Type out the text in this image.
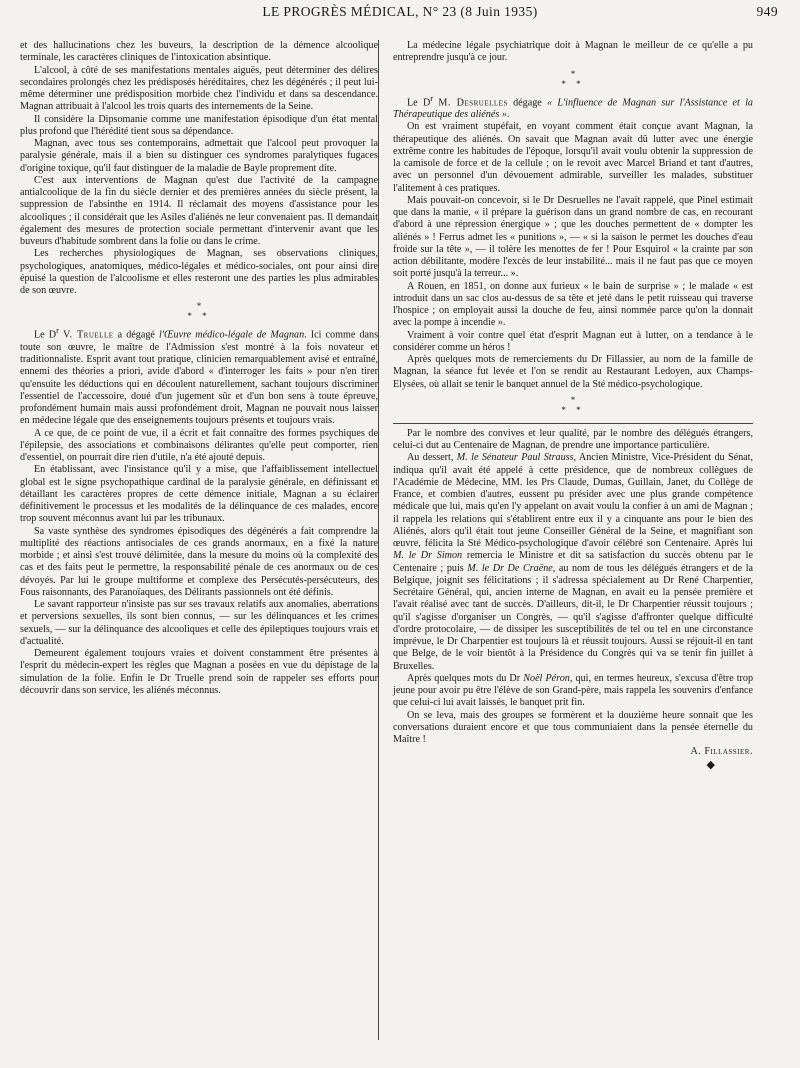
LE PROGRÈS MÉDICAL, N° 23 (8 Juin 1935)	949

et des hallucinations chez les buveurs, la description de la démence alcoolique terminale, les caractères cliniques de l'intoxication absintique.

L'alcool, à côté de ses manifestations mentales aiguës, peut déterminer des délires secondaires prolongés chez les prédisposés héréditaires, chez les dégénérés ; il peut lui-même déterminer une prédisposition morbide chez l'individu et dans sa descendance. Magnan attribuait à l'alcool les trois quarts des internements de la Seine.

Il considère la Dipsomanie comme une manifestation épisodique d'un état mental plus profond que l'hérédité tient sous sa dépendance.

Magnan, avec tous ses contemporains, admettait que l'alcool peut provoquer la paralysie générale, mais il a bien su distinguer ces syndromes paralytiques fugaces d'origine toxique, qu'il faut distinguer de la maladie de Bayle proprement dite.

C'est aux interventions de Magnan qu'est due l'activité de la campagne antialcoolique de la fin du siècle dernier et des premières années du siècle présent, la suppression de l'absinthe en 1914. Il réclamait des moyens d'assistance pour les alcooliques ; il considérait que les Asiles d'aliénés ne leur convenaient pas. Il demandait également des mesures de protection sociale permettant d'intervenir avant que les buveurs d'habitude sombrent dans la folie ou dans le crime.

Les recherches physiologiques de Magnan, ses observations cliniques, psychologiques, anatomiques, médico-légales et médico-sociales, ont pour ainsi dire épuisé la question de l'alcoolisme et elles resteront une des parties les plus admirables de son œuvre.

*
* *

Le $D^r$ V. Truelle a dégagé l'Œuvre médico-légale de Magnan. Ici comme dans toute son œuvre, le maître de l'Admission s'est montré à la fois novateur et traditionnaliste. Esprit avant tout pratique, clinicien remarquablement avisé et entraîné, ennemi des théories a priori, avide d'abord « d'interroger les faits » pour n'en tirer qu'ensuite les déductions qui en découlent naturellement, sachant toujours discriminer l'essentiel de l'accessoire, doué d'un jugement sûr et d'un bon sens à toute épreuve, profondément humain mais aussi profondément droit, Magnan ne pouvait nous laisser en médecine légale que des enseignements toujours présents et toujours vrais.

A ce que, de ce point de vue, il a écrit et fait connaître des formes psychiques de l'épilepsie, des associations et combinaisons délirantes qu'elle peut comporter, rien d'essentiel, on pourrait dire rien d'utile, n'a été ajouté depuis.

En établissant, avec l'insistance qu'il y a mise, que l'affaiblissement intellectuel global est le signe psychopathique cardinal de la paralysie générale, en définissant et détaillant les caractères propres de cette démence initiale, Magnan a su éclairer définitivement le processus et les modalités de la délinquance de ces malades, encore trop souvent méconnus avant lui par les tribunaux.

Sa vaste synthèse des syndromes épisodiques des dégénérés a fait comprendre la multiplité des réactions antisociales de ces grands anormaux, en a fixé la nature morbide ; et ainsi s'est trouvé délimitée, dans la mesure du moins où la complexité des cas et des faits peut le permettre, la responsabilité pénale de ces anormaux ou de ces dévoyés. Par lui le groupe multiforme et complexe des Persécutés-persécuteurs, des Fous raisonnants, des Paranoïaques, des Délirants passionnels ont été définis.

Le savant rapporteur n'insiste pas sur ses travaux relatifs aux anomalies, aberrations et perversions sexuelles, ils sont bien connus, — sur les délinquances et les crimes sexuels, — sur la délinquance des alcooliques et celle des épileptiques toujours vrais et d'actualité.

Demeurent également toujours vraies et doivent constamment être présentes à l'esprit du médecin-expert les règles que Magnan a posées en vue du dépistage de la simulation de la folie. Enfin le Dr Truelle prend soin de rappeler ses efforts pour découvrir dans son service, les aliénés méconnus.

La médecine légale psychiatrique doit à Magnan le meilleur de ce qu'elle a pu entreprendre jusqu'à ce jour.

*
* *

Le $D^r$ M. Desruelles dégage « L'influence de Magnan sur l'Assistance et la Thérapeutique des aliénés ».

On est vraiment stupéfait, en voyant comment était conçue avant Magnan, la thérapeutique des aliénés. On savait que Magnan avait dû lutter avec une énergie extrême contre les habitudes de l'époque, lorsqu'il avait voulu obtenir la suppression de la camisole de force et de la cellule ; on le revoit avec Marcel Briand et tant d'autres, avec un personnel d'un dévouement admirable, surveiller les malades, substituer l'alitement à ces pratiques.

Mais pouvait-on concevoir, si le Dr Desruelles ne l'avait rappelé, que Pinel estimait que dans la manie, « il prépare la guérison dans un grand nombre de cas, en recourant d'abord à une répression énergique » ; que les douches permettent de « dompter les aliénés » ! Ferrus admet les « punitions », — « si la saison le permet les douches d'eau froide sur la tête », — il tolère les menottes de fer ! Pour Esquirol « la crainte par son action débilitante, modère l'excès de leur instabilité... mais il ne faut pas que ce moyen soit porté jusqu'à la terreur... ».

A Rouen, en 1851, on donne aux furieux « le bain de surprise » ; le malade « est introduit dans un sac clos au-dessus de sa tête et jeté dans le petit ruisseau qui traverse l'hospice ; on employait aussi la douche de feu, ainsi nommée parce qu'on la donnait avec la pompe à incendie ».

Vraiment à voir contre quel état d'esprit Magnan eut à lutter, on a tendance à le considérer comme un héros !

Après quelques mots de remerciements du Dr Fillassier, au nom de la famille de Magnan, la séance fut levée et l'on se rendit au Restaurant Ledoyen, aux Champs-Elysées, où allait se tenir le banquet annuel de la Sté médico-psychologique.

*
* *

Par le nombre des convives et leur qualité, par le nombre des délégués étrangers, celui-ci dut au Centenaire de Magnan, de prendre une importance particulière.

Au dessert, M. le Sénateur Paul Strauss, Ancien Ministre, Vice-Président du Sénat, indiqua qu'il avait été appelé à cette présidence, que de nombreux collègues de l'Académie de Médecine, MM. les Prs Claude, Dumas, Guillain, Janet, du Collège de France, et combien d'autres, eussent pu présider avec une plus grande compétence médicale que lui, mais qu'en l'y appelant on avait voulu la confier à un ami de Magnan ; il rappela les relations qui s'établirent entre eux il y a cinquante ans pour le bien des Aliénés, alors qu'il était tout jeune Conseiller Général de la Seine, et magnifiant son œuvre, félicita la Sté Médico-psychologique d'avoir célébré son Centenaire. Après lui M. le Dr Simon remercia le Ministre et dit sa satisfaction du succès obtenu par le Centenaire ; puis M. le Dr De Craëne, au nom de tous les délégués étrangers et de la Belgique, joignit ses félicitations ; il s'adressa spécialement au Dr René Charpentier, Secrétaire Général, qui, ancien interne de Magnan, en avait eu la pensée première et l'avait réalisé avec tant de succès. D'ailleurs, dit-il, le Dr Charpentier réussit toujours ; qu'il s'agisse d'organiser un Congrès, — qu'il s'agisse d'affronter quelque difficulté d'ordre protocolaire, — de dissiper les susceptibilités de tel ou tel en une circonstance imprévue, le Dr Charpentier est toujours là et réussit toujours. Aussi se réjouit-il en tant que Belge, de le voir bientôt à la Présidence du Congrès qui va se tenir fin juillet à Bruxelles.

Après quelques mots du Dr Noël Péron, qui, en termes heureux, s'excusa d'être trop jeune pour avoir pu être l'élève de son Grand-père, mais rappela les souvenirs d'enfance que celui-ci lui avait laissés, le banquet prit fin.

On se leva, mais des groupes se formèrent et la douzième heure sonnait que les conversations duraient encore et que tous communiaient dans la pensée éternelle du Maître !

A. Fillassier.

◆
